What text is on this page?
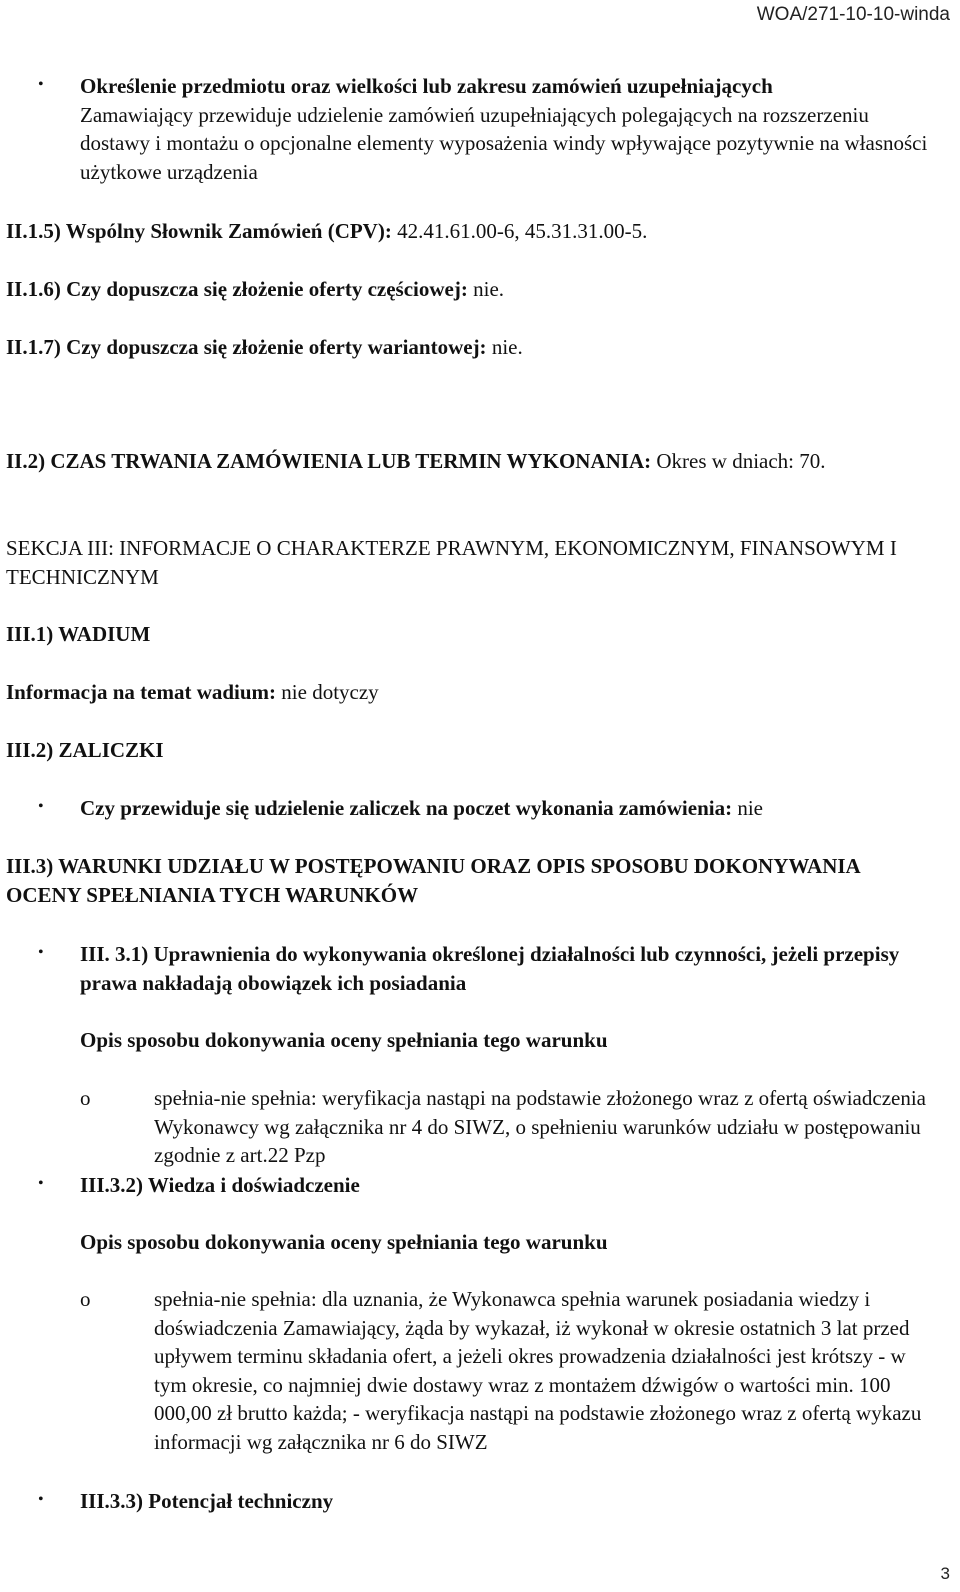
WOA/271-10-10-winda
• Określenie przedmiotu oraz wielkości lub zakresu zamówień uzupełniających
Zamawiający przewiduje udzielenie zamówień uzupełniających polegających na rozszerzeniu dostawy i montażu o opcjonalne elementy wyposażenia windy wpływające pozytywnie na własności użytkowe urządzenia
II.1.5) Wspólny Słownik Zamówień (CPV): 42.41.61.00-6, 45.31.31.00-5.
II.1.6) Czy dopuszcza się złożenie oferty częściowej: nie.
II.1.7) Czy dopuszcza się złożenie oferty wariantowej: nie.
II.2) CZAS TRWANIA ZAMÓWIENIA LUB TERMIN WYKONANIA: Okres w dniach: 70.
SEKCJA III: INFORMACJE O CHARAKTERZE PRAWNYM, EKONOMICZNYM, FINANSOWYM I TECHNICZNYM
III.1) WADIUM
Informacja na temat wadium: nie dotyczy
III.2) ZALICZKI
• Czy przewiduje się udzielenie zaliczek na poczet wykonania zamówienia: nie
III.3) WARUNKI UDZIAŁU W POSTĘPOWANIU ORAZ OPIS SPOSOBU DOKONYWANIA OCENY SPEŁNIANIA TYCH WARUNKÓW
• III. 3.1) Uprawnienia do wykonywania określonej działalności lub czynności, jeżeli przepisy prawa nakładają obowiązek ich posiadania
Opis sposobu dokonywania oceny spełniania tego warunku
o	spełnia-nie spełnia: weryfikacja nastąpi na podstawie złożonego wraz z ofertą oświadczenia Wykonawcy wg załącznika nr 4 do SIWZ, o spełnieniu warunków udziału w postępowaniu zgodnie z art.22 Pzp
• III.3.2) Wiedza i doświadczenie
Opis sposobu dokonywania oceny spełniania tego warunku
o	spełnia-nie spełnia: dla uznania, że Wykonawca spełnia warunek posiadania wiedzy i doświadczenia Zamawiający, żąda by wykazał, iż wykonał w okresie ostatnich 3 lat przed upływem terminu składania ofert, a jeżeli okres prowadzenia działalności jest krótszy - w tym okresie, co najmniej dwie dostawy wraz z montażem dźwigów o wartości min. 100 000,00 zł brutto każda; - weryfikacja nastąpi na podstawie złożonego wraz z ofertą wykazu informacji wg załącznika nr 6 do SIWZ
• III.3.3) Potencjał techniczny
3
